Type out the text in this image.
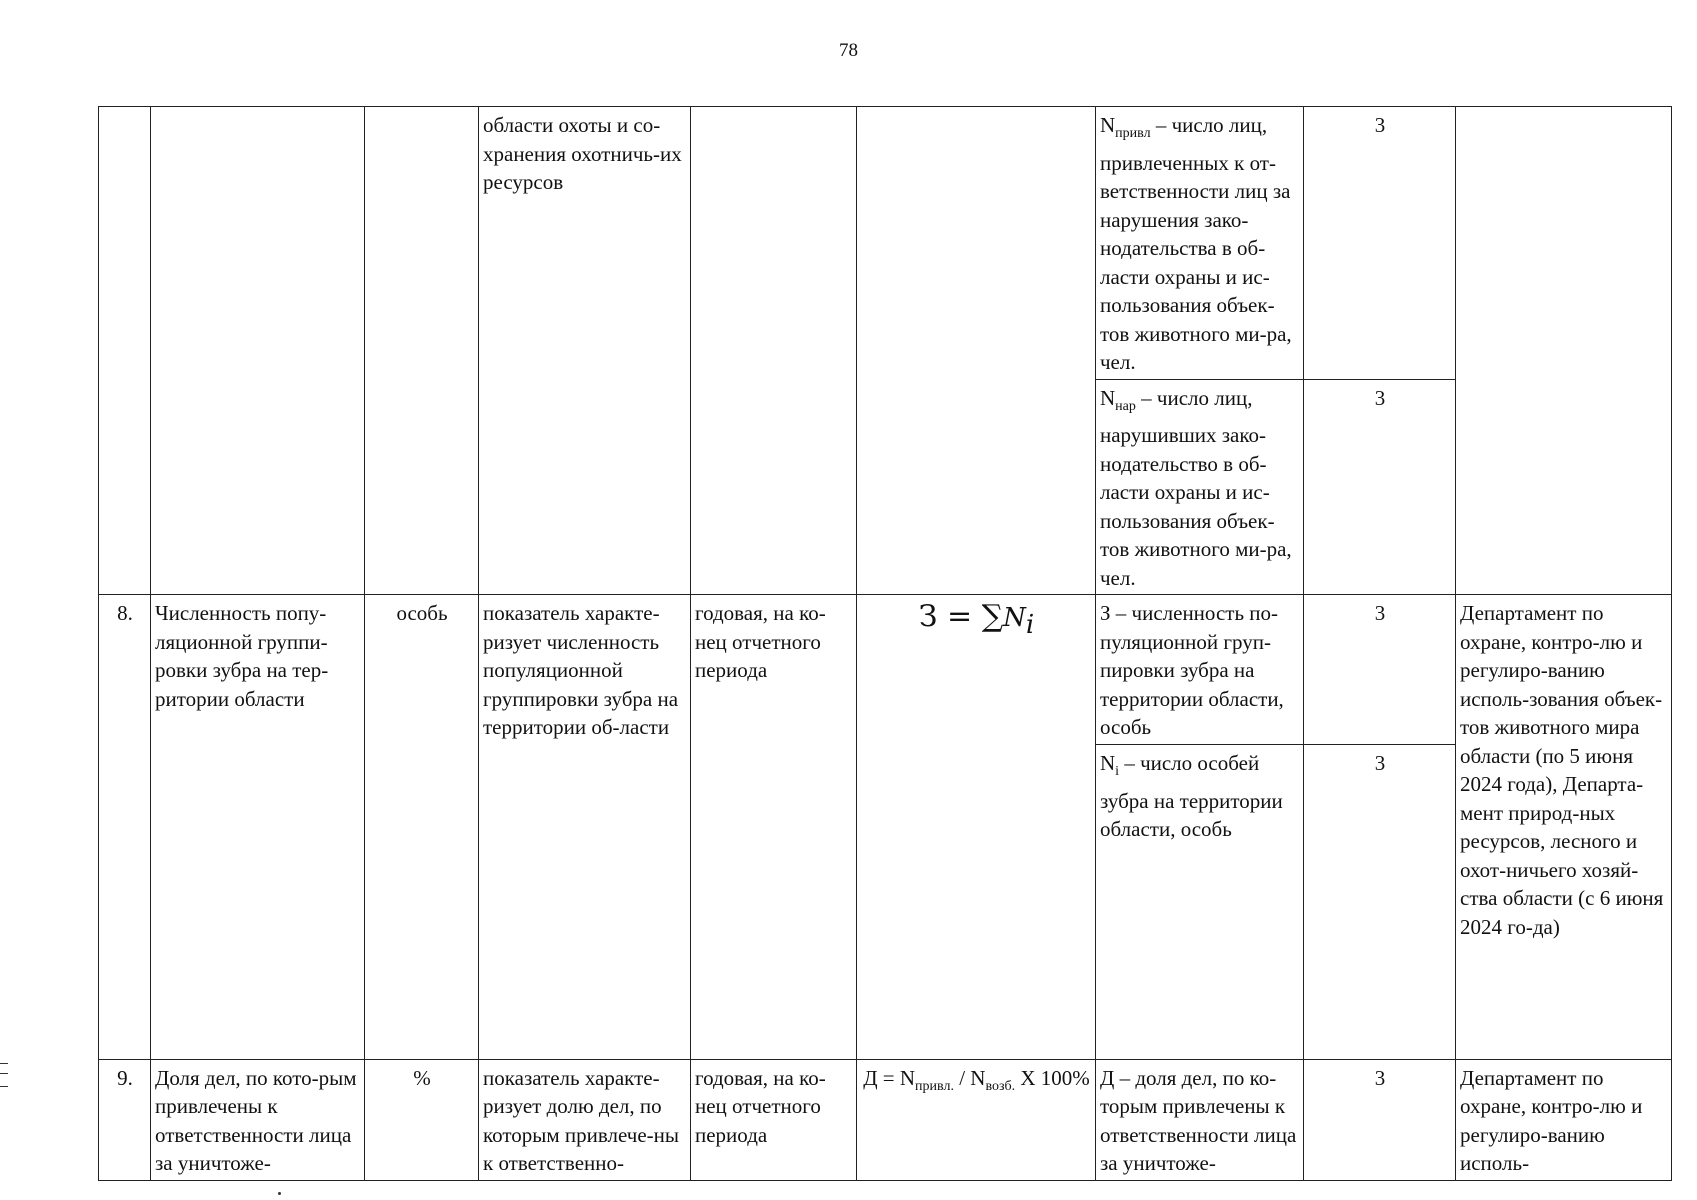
78
			области охоты и со-хранения охотничь-их ресурсов			$N_{привл}$ – число лиц, привлеченных к от-ветственности лиц за нарушения зако-нодательства в об-ласти охраны и ис-пользования объек-тов животного ми-ра, чел.	3	
						$N_{нар}$ – число лиц, нарушивших зако-нодательство в об-ласти охраны и ис-пользования объек-тов животного ми-ра, чел.	3	
8.	Численность попу-ляционной группи-ровки зубра на тер-ритории области	особь	показатель характе-ризует численность популяционной группировки зубра на территории об-ласти	годовая, на ко-нец отчетного периода	$З = \sum N_i$	З – численность по-пуляционной груп-пировки зубра на территории области, особь	3	Департамент по охране, контро-лю и регулиро-ванию исполь-зования объек-тов животного мира области (по 5 июня 2024 года), Департа-мент природ-ных ресурсов, лесного и охот-ничьего хозяй-ства области (с 6 июня 2024 го-да)
						$N_i$ – число особей зубра на территории области, особь	3	
9.	Доля дел, по кото-рым привлечены к ответственности лица за уничтоже-	%	показатель характе-ризует долю дел, по которым привлече-ны к ответственно-	годовая, на ко-нец отчетного периода	$Д = N_{привл.} / N_{возб.}$ Х 100%	Д – доля дел, по ко-торым привлечены к ответственности лица за уничтоже-	3	Департамент по охране, контро-лю и регулиро-ванию исполь-
